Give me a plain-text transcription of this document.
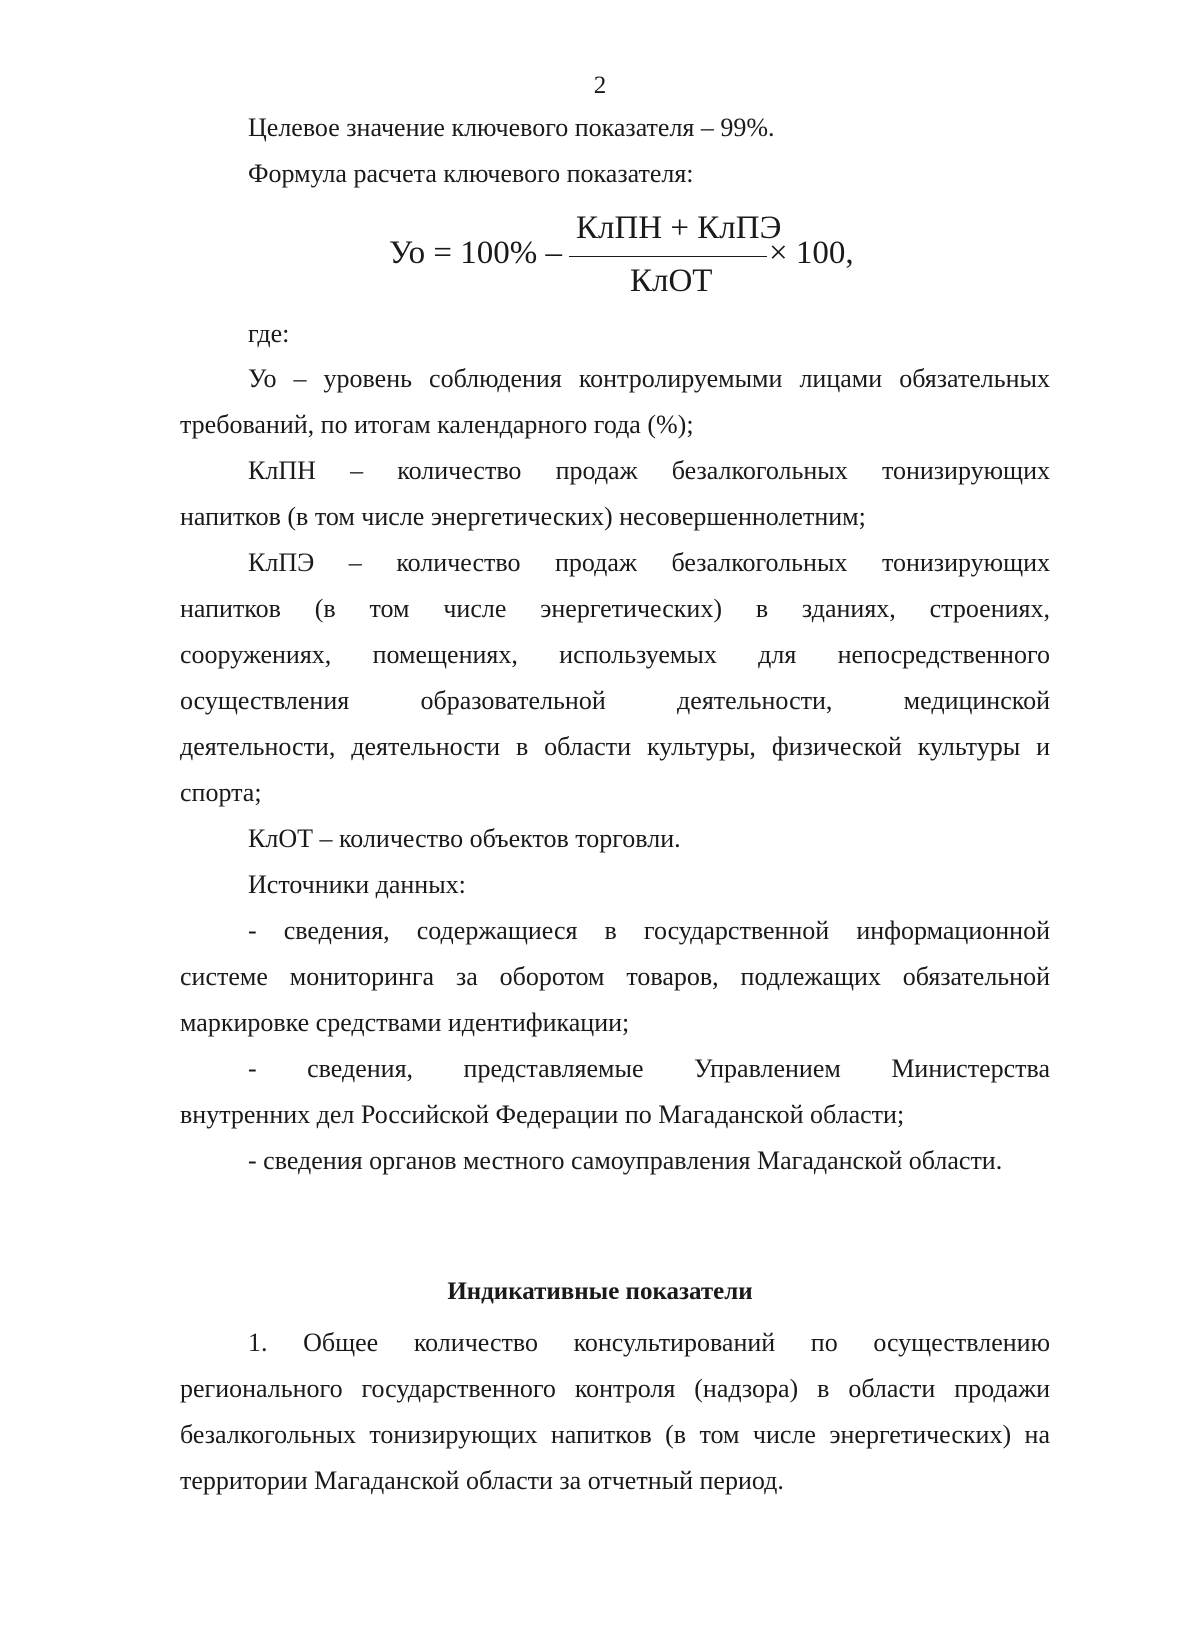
2
Целевое значение ключевого показателя – 99%.
Формула расчета ключевого показателя:
Уо = 100% –
КлПН + КлПЭ
КлОТ
× 100,
где:
Уо – уровень соблюдения контролируемыми лицами обязательных
требований, по итогам календарного года (%);
КлПН – количество продаж безалкогольных тонизирующих
напитков (в том числе энергетических) несовершеннолетним;
КлПЭ – количество продаж безалкогольных тонизирующих
напитков (в том числе энергетических) в зданиях, строениях,
сооружениях, помещениях, используемых для непосредственного
осуществления образовательной деятельности, медицинской
деятельности, деятельности в области культуры, физической культуры и
спорта;
КлОТ – количество объектов торговли.
Источники данных:
- сведения, содержащиеся в государственной информационной
системе мониторинга за оборотом товаров, подлежащих обязательной
маркировке средствами идентификации;
- сведения, представляемые Управлением Министерства
внутренних дел Российской Федерации по Магаданской области;
- сведения органов местного самоуправления Магаданской области.
Индикативные показатели
1. Общее количество консультирований по осуществлению
регионального государственного контроля (надзора) в области продажи
безалкогольных тонизирующих напитков (в том числе энергетических) на
территории Магаданской области за отчетный период.
